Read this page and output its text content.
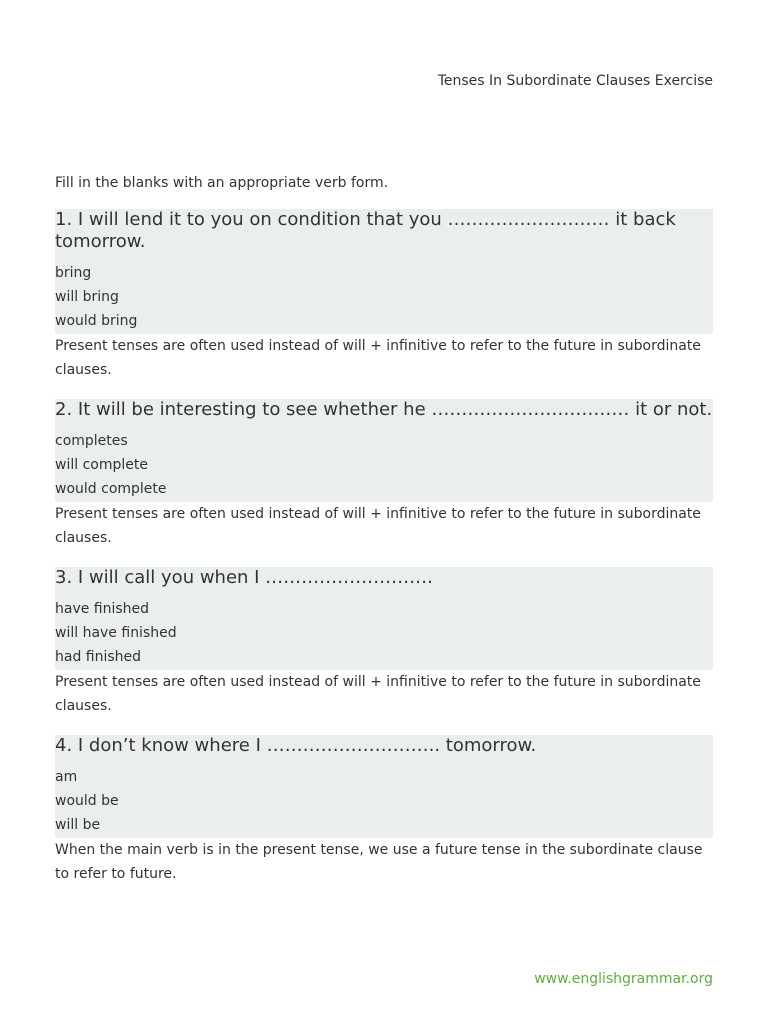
Tenses In Subordinate Clauses Exercise
Fill in the blanks with an appropriate verb form.
1. I will lend it to you on condition that you ……………………… it back tomorrow.
bring
will bring
would bring
Present tenses are often used instead of will + infinitive to refer to the future in subordinate clauses.
2. It will be interesting to see whether he …………………………… it or not.
completes
will complete
would complete
Present tenses are often used instead of will + infinitive to refer to the future in subordinate clauses.
3. I will call you when I ……………………….
have finished
will have finished
had finished
Present tenses are often used instead of will + infinitive to refer to the future in subordinate clauses.
4. I don’t know where I ……………………….. tomorrow.
am
would be
will be
When the main verb is in the present tense, we use a future tense in the subordinate clause to refer to future.
www.englishgrammar.org
